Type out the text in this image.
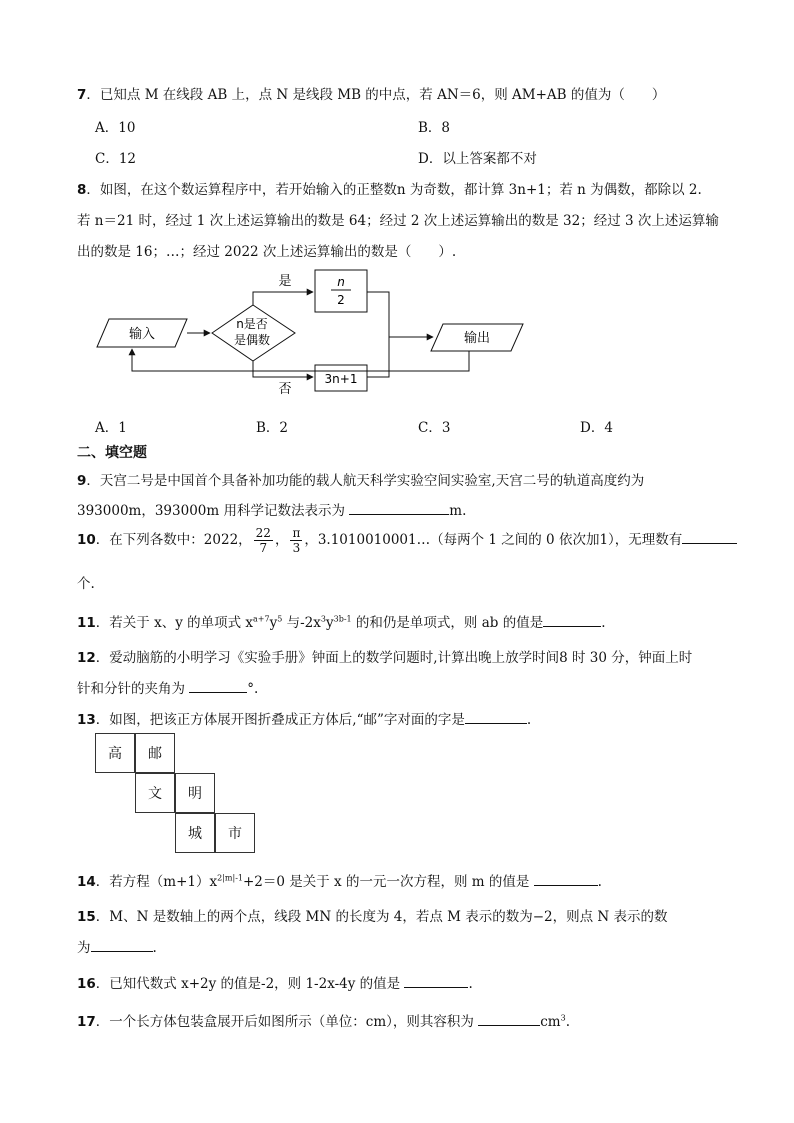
7．已知点 M 在线段 AB 上，点 N 是线段 MB 的中点，若 AN＝6，则 AM+AB 的值为（　　）
A．10	B．8
C．12	D．以上答案都不对
8．如图，在这个数运算程序中，若开始输入的正整数n 为奇数，都计算 3n+1；若 n 为偶数，都除以 2.
若 n＝21 时，经过 1 次上述运算输出的数是 64；经过 2 次上述运算输出的数是 32；经过 3 次上述运算输
出的数是 16；…；经过 2022 次上述运算输出的数是（　　）.
输入
n是否
是偶数
是
否
n
2
3n+1
输出
A．1	B．2	C．3	D．4
二、填空题
9．天宫二号是中国首个具备补加功能的载人航天科学实验空间实验室,天宫二号的轨道高度约为
393000m，393000m 用科学记数法表示为	m.
10．在下列各数中：2022， $\frac{22}{7}$ ， $\frac{\pi}{3}$ ，3.1010010001…（每两个 1 之间的 0 依次加1），无理数有
个.
11．若关于 x、y 的单项式 $x^{a+7}y^5$ 与$-2x^3y^{3b-1}$ 的和仍是单项式，则 ab 的值是	.
12．爱动脑筋的小明学习《实验手册》钟面上的数学问题时,计算出晚上放学时间8 时 30 分，钟面上时
针和分针的夹角为	°.
13．如图，把该正方体展开图折叠成正方体后,“邮”字对面的字是	.
高	邮
文	明
城	市
14．若方程$(m+1)x^{2|m|-1}+2=0$ 是关于 x 的一元一次方程，则 m 的值是	.
15．M、N 是数轴上的两个点，线段 MN 的长度为 4，若点 M 表示的数为−2，则点 N 表示的数
为	.
16．已知代数式 x+2y 的值是-2，则 1-2x-4y 的值是	.
17．一个长方体包装盒展开后如图所示（单位：cm），则其容积为	$cm^3$.
